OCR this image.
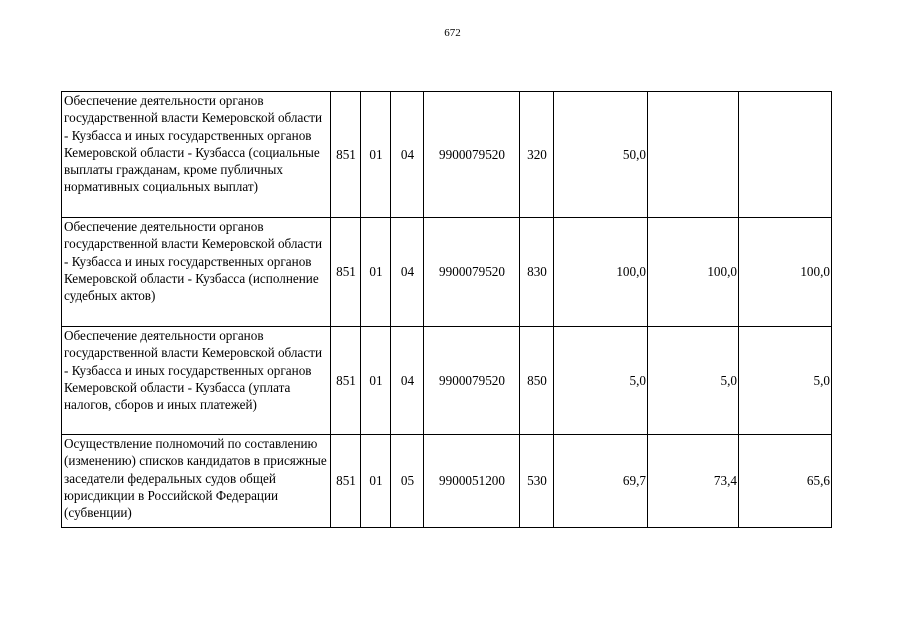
672
Обеспечение деятельности органов государственной власти Кемеровской области - Кузбасса и иных государственных органов Кемеровской области - Кузбасса (социальные выплаты гражданам, кроме публичных нормативных социальных выплат)	851	01	04	9900079520	320	50,0		
Обеспечение деятельности органов государственной власти Кемеровской области - Кузбасса и иных государственных органов Кемеровской области - Кузбасса (исполнение судебных актов)	851	01	04	9900079520	830	100,0	100,0	100,0
Обеспечение деятельности органов государственной власти Кемеровской области - Кузбасса и иных государственных органов Кемеровской области - Кузбасса (уплата налогов, сборов и иных платежей)	851	01	04	9900079520	850	5,0	5,0	5,0
Осуществление полномочий по составлению (изменению) списков кандидатов в присяжные заседатели федеральных судов общей юрисдикции в Российской Федерации (субвенции)	851	01	05	9900051200	530	69,7	73,4	65,6
